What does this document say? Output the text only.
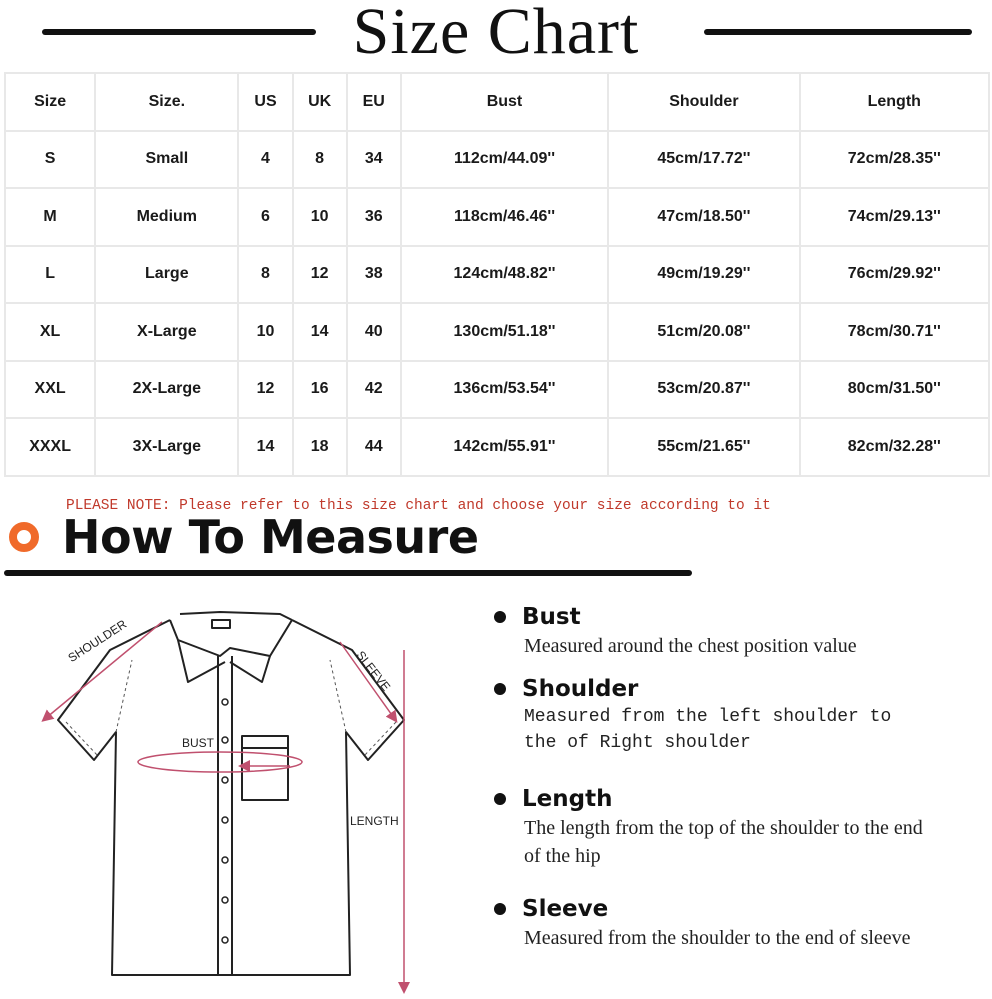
Size Chart
Size	Size.	US	UK	EU	Bust	Shoulder	Length
S	Small	4	8	34	112cm/44.09''	45cm/17.72''	72cm/28.35''
M	Medium	6	10	36	118cm/46.46''	47cm/18.50''	74cm/29.13''
L	Large	8	12	38	124cm/48.82''	49cm/19.29''	76cm/29.92''
XL	X-Large	10	14	40	130cm/51.18''	51cm/20.08''	78cm/30.71''
XXL	2X-Large	12	16	42	136cm/53.54''	53cm/20.87''	80cm/31.50''
XXXL	3X-Large	14	18	44	142cm/55.91''	55cm/21.65''	82cm/32.28''
PLEASE NOTE: Please refer to this size chart and choose your size according to it
How To Measure
SHOULDER
SLEEVE
BUST
LENGTH
Bust
Measured around the chest position value
Shoulder
Measured from the left shoulder to the of Right shoulder
Length
The length from the top of the shoulder to the end of the hip
Sleeve
Measured from the shoulder to the end of sleeve
